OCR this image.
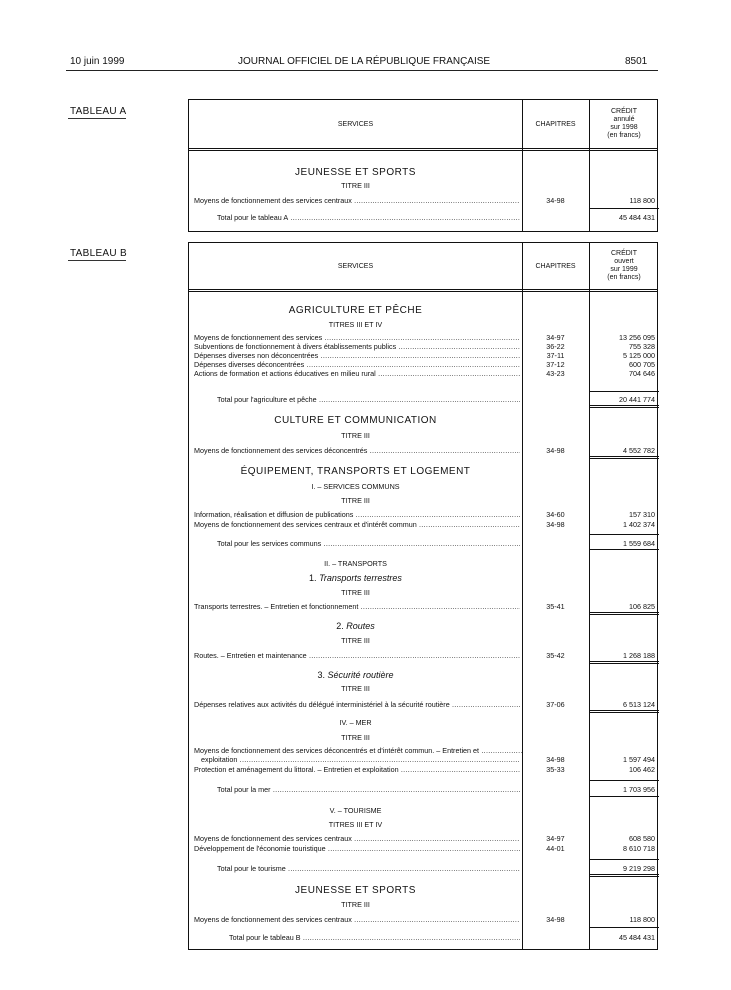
10 juin 1999	JOURNAL OFFICIEL DE LA RÉPUBLIQUE FRANÇAISE	8501
TABLEAU A
SERVICES	CHAPITRES
CRÉDIT
annulé
sur 1998
(en francs)
JEUNESSE ET SPORTS
TITRE III
Moyens de fonctionnement des services centraux .....	34-98	118 800
Total pour le tableau A .....	45 484 431
TABLEAU B
SERVICES	CHAPITRES
CRÉDIT
ouvert
sur 1999
(en francs)
AGRICULTURE ET PÊCHE
TITRES III ET IV
Moyens de fonctionnement des services .....	34-97	13 256 095
Subventions de fonctionnement à divers établissements publics .....	36-22	755 328
Dépenses diverses non déconcentrées .....	37-11	5 125 000
Dépenses diverses déconcentrées .....	37-12	600 705
Actions de formation et actions éducatives en milieu rural .....	43-23	704 646
Total pour l'agriculture et pêche .....	20 441 774
CULTURE ET COMMUNICATION
TITRE III
Moyens de fonctionnement des services déconcentrés .....	34-98	4 552 782
ÉQUIPEMENT, TRANSPORTS ET LOGEMENT
I. – SERVICES COMMUNS
TITRE III
Information, réalisation et diffusion de publications .....	34-60	157 310
Moyens de fonctionnement des services centraux et d'intérêt commun .....	34-98	1 402 374
Total pour les services communs .....	1 559 684
II. – TRANSPORTS
1. Transports terrestres
TITRE III
Transports terrestres. – Entretien et fonctionnement .....	35-41	106 825
2. Routes
TITRE III
Routes. – Entretien et maintenance .....	35-42	1 268 188
3. Sécurité routière
TITRE III
Dépenses relatives aux activités du délégué interministériel à la sécurité routière .....	37-06	6 513 124
IV. – MER
TITRE III
Moyens de fonctionnement des services déconcentrés et d'intérêt commun. – Entretien et .....
exploitation .....	34-98	1 597 494
Protection et aménagement du littoral. – Entretien et exploitation .....	35-33	106 462
Total pour la mer .....	1 703 956
V. – TOURISME
TITRES III ET IV
Moyens de fonctionnement des services centraux .....	34-97	608 580
Développement de l'économie touristique .....	44-01	8 610 718
Total pour le tourisme .....	9 219 298
JEUNESSE ET SPORTS
TITRE III
Moyens de fonctionnement des services centraux .....	34-98	118 800
Total pour le tableau B .....	45 484 431
